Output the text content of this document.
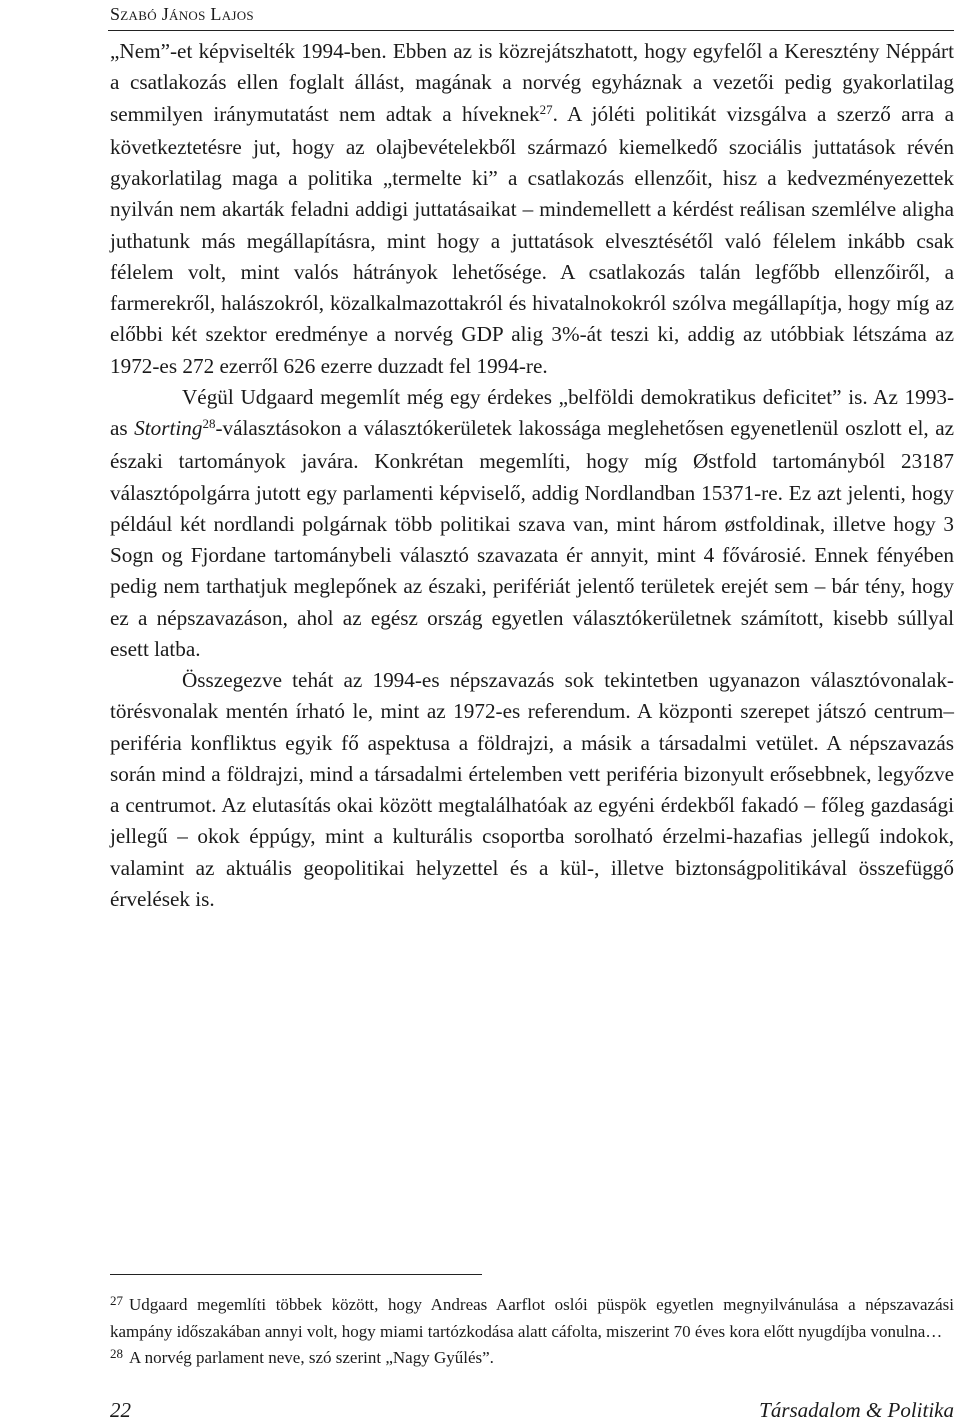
Szabó János Lajos

„Nem”-et képviselték 1994-ben. Ebben az is közrejátszhatott, hogy egyfelől a Keresztény Néppárt a csatlakozás ellen foglalt állást, magának a norvég egyháznak a vezetői pedig gyakorlatilag semmilyen iránymutatást nem adtak a híveknek$^{27}$. A jóléti politikát vizsgálva a szerző arra a következtetésre jut, hogy az olajbevételekből származó kiemelkedő szociális juttatások révén gyakorlatilag maga a politika „termelte ki” a csatlakozás ellenzőit, hisz a kedvezményezettek nyilván nem akarták feladni addigi juttatásaikat – mindemellett a kérdést reálisan szemlélve aligha juthatunk más megállapításra, mint hogy a juttatások elvesztésétől való félelem inkább csak félelem volt, mint valós hátrányok lehetősége. A csatlakozás talán legfőbb ellenzőiről, a farmerekről, halászokról, közalkalmazottakról és hivatalnokokról szólva megállapítja, hogy míg az előbbi két szektor eredménye a norvég GDP alig 3%-át teszi ki, addig az utóbbiak létszáma az 1972-es 272 ezerről 626 ezerre duzzadt fel 1994-re.

Végül Udgaard megemlít még egy érdekes „belföldi demokratikus deficitet” is. Az 1993-as Storting$^{28}$-választásokon a választókerületek lakossága meglehetősen egyenetlenül oszlott el, az északi tartományok javára. Konkrétan megemlíti, hogy míg Østfold tartományból 23187 választópolgárra jutott egy parlamenti képviselő, addig Nordlandban 15371-re. Ez azt jelenti, hogy például két nordlandi polgárnak több politikai szava van, mint három østfoldinak, illetve hogy 3 Sogn og Fjordane tartománybeli választó szavazata ér annyit, mint 4 fővárosié. Ennek fényében pedig nem tarthatjuk meglepőnek az északi, perifériát jelentő területek erejét sem – bár tény, hogy ez a népszavazáson, ahol az egész ország egyetlen választókerületnek számított, kisebb súllyal esett latba.

Összegezve tehát az 1994-es népszavazás sok tekintetben ugyanazon választóvonalak-törésvonalak mentén írható le, mint az 1972-es referendum. A központi szerepet játszó centrum–periféria konfliktus egyik fő aspektusa a földrajzi, a másik a társadalmi vetület. A népszavazás során mind a földrajzi, mind a társadalmi értelemben vett periféria bizonyult erősebbnek, legyőzve a centrumot. Az elutasítás okai között megtalálhatóak az egyéni érdekből fakadó – főleg gazdasági jellegű – okok éppúgy, mint a kulturális csoportba sorolható érzelmi-hazafias jellegű indokok, valamint az aktuális geopolitikai helyzettel és a kül-, illetve biztonságpolitikával összefüggő érvelések is.

$^{27}$ Udgaard megemlíti többek között, hogy Andreas Aarflot oslói püspök egyetlen megnyilvánulása a népszavazási kampány időszakában annyi volt, hogy miami tartózkodása alatt cáfolta, miszerint 70 éves kora előtt nyugdíjba vonulna…

$^{28}$ A norvég parlament neve, szó szerint „Nagy Gyűlés”.

22	Társadalom & Politika
